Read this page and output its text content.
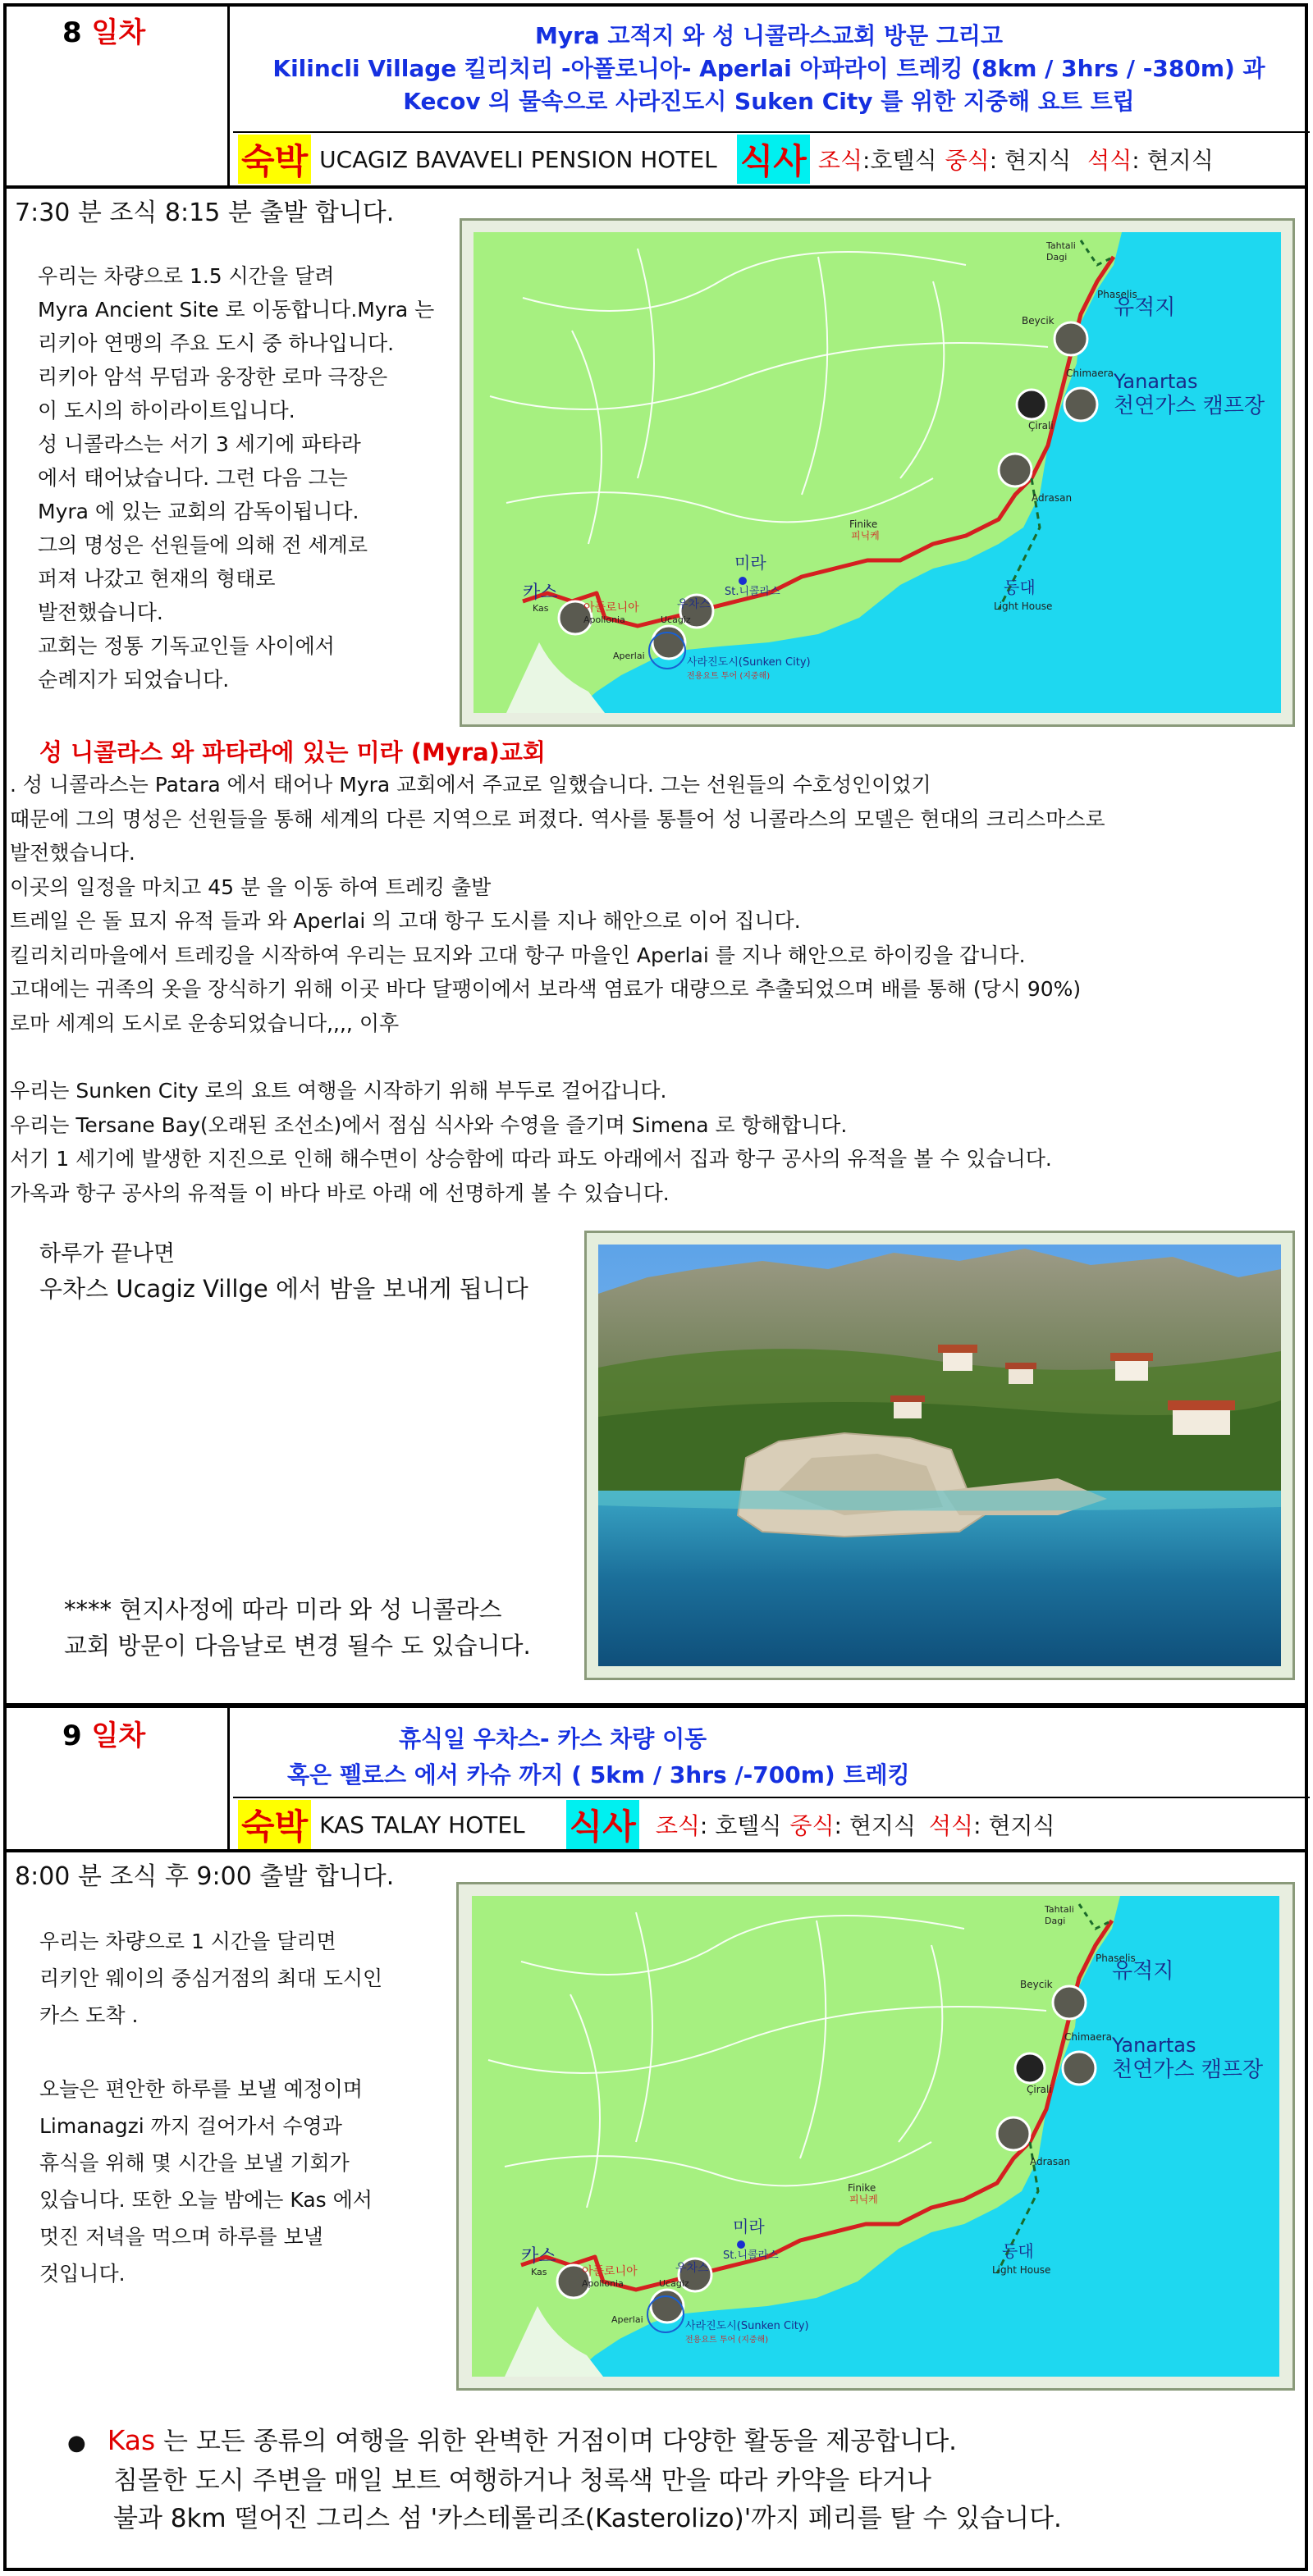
8 일차	Myra 고적지 와 성 니콜라스교회 방문 그리고
Kilincli Village 킬리치리 -아폴로니아- Aperlai 아파라이 트레킹 (8km / 3hrs / -380m) 과
Kecov 의 물속으로 사라진도시 Suken City 를 위한 지중해 요트 트립
숙박 UCAGIZ BAVAVELI PENSION HOTEL 식사 조식 :호텔식 중식 : 현지식 석식 : 현지식
7:30 분 조식 8:15 분 출발 합니다.
우리는 차량으로 1.5 시간을 달려
Myra Ancient Site 로 이동합니다.Myra 는
리키아 연맹의 주요 도시 중 하나입니다.
리키아 암석 무덤과 웅장한 로마 극장은
이 도시의 하이라이트입니다.
성 니콜라스는 서기 3 세기에 파타라
에서 태어났습니다. 그런 다음 그는
Myra 에 있는 교회의 감독이됩니다.
그의 명성은 선원들에 의해 전 세계로
퍼져 나갔고 현재의 형태로
발전했습니다.
교회는 정통 기독교인들 사이에서
순례지가 되었습니다.
Tahtali
Dagi
Phaselis
유적지
Beycik
Chimaera Yanartas
천연가스 캠프장
Çirali
Adrasan
Finike
피닉케
미라
St.니콜라스	등대
Light House
카스
Kas	아폴로니아
Apollonia	Ucagiz
우차스
Aperlai
사라진도시(Sunken City)
전용요트 투어 (지중해)
성 니콜라스 와 파타라에 있는 미라 (Myra)교회
. 성 니콜라스는 Patara 에서 태어나 Myra 교회에서 주교로 일했습니다. 그는 선원들의 수호성인이었기
때문에 그의 명성은 선원들을 통해 세계의 다른 지역으로 퍼졌다. 역사를 통틀어 성 니콜라스의 모델은 현대의 크리스마스로
발전했습니다.
이곳의 일정을 마치고 45 분 을 이동 하여 트레킹 출발
트레일 은 돌 묘지 유적 들과 와 Aperlai 의 고대 항구 도시를 지나 해안으로 이어 집니다.
킬리치리마을에서 트레킹을 시작하여 우리는 묘지와 고대 항구 마을인 Aperlai 를 지나 해안으로 하이킹을 갑니다.
고대에는 귀족의 옷을 장식하기 위해 이곳 바다 달팽이에서 보라색 염료가 대량으로 추출되었으며 배를 통해 (당시 90%)
로마 세계의 도시로 운송되었습니다,,,, 이후
우리는 Sunken City 로의 요트 여행을 시작하기 위해 부두로 걸어갑니다.
우리는 Tersane Bay(오래된 조선소)에서 점심 식사와 수영을 즐기며 Simena 로 항해합니다.
서기 1 세기에 발생한 지진으로 인해 해수면이 상승함에 따라 파도 아래에서 집과 항구 공사의 유적을 볼 수 있습니다.
가옥과 항구 공사의 유적들 이 바다 바로 아래 에 선명하게 볼 수 있습니다.
하루가 끝나면
우차스 Ucagiz Villge 에서 밤을 보내게 됩니다
**** 현지사정에 따라 미라 와 성 니콜라스
교회 방문이 다음날로 변경 될수 도 있습니다.
9 일차	휴식일 우차스- 카스 차량 이동
혹은 펠로스 에서 카슈 까지 ( 5km / 3hrs /-700m) 트레킹
숙박 KAS TALAY HOTEL 식사 조식 : 호텔식 중식 : 현지식 석식 : 현지식
8:00 분 조식 후 9:00 출발 합니다.
우리는 차량으로 1 시간을 달리면
리키안 웨이의 중심거점의 최대 도시인
카스 도착 .
오늘은 편안한 하루를 보낼 예정이며
Limanagzi 까지 걸어가서 수영과
휴식을 위해 몇 시간을 보낼 기회가
있습니다. 또한 오늘 밤에는 Kas 에서
멋진 저녁을 먹으며 하루를 보낼
것입니다.
Tahtali
Dagi
Phaselis
유적지
Beycik
Chimaera Yanartas
천연가스 캠프장
Çirali
Adrasan
Finike
피닉케
미라
St.니콜라스	등대
Light House
카스
Kas	아폴로니아
Apollonia	Ucagiz
우차스
Aperlai
사라진도시(Sunken City)
전용요트 투어 (지중해)
● Kas 는 모든 종류의 여행을 위한 완벽한 거점이며 다양한 활동을 제공합니다.
침몰한 도시 주변을 매일 보트 여행하거나 청록색 만을 따라 카약을 타거나
불과 8km 떨어진 그리스 섬 '카스테롤리조(Kasterolizo)'까지 페리를 탈 수 있습니다.
